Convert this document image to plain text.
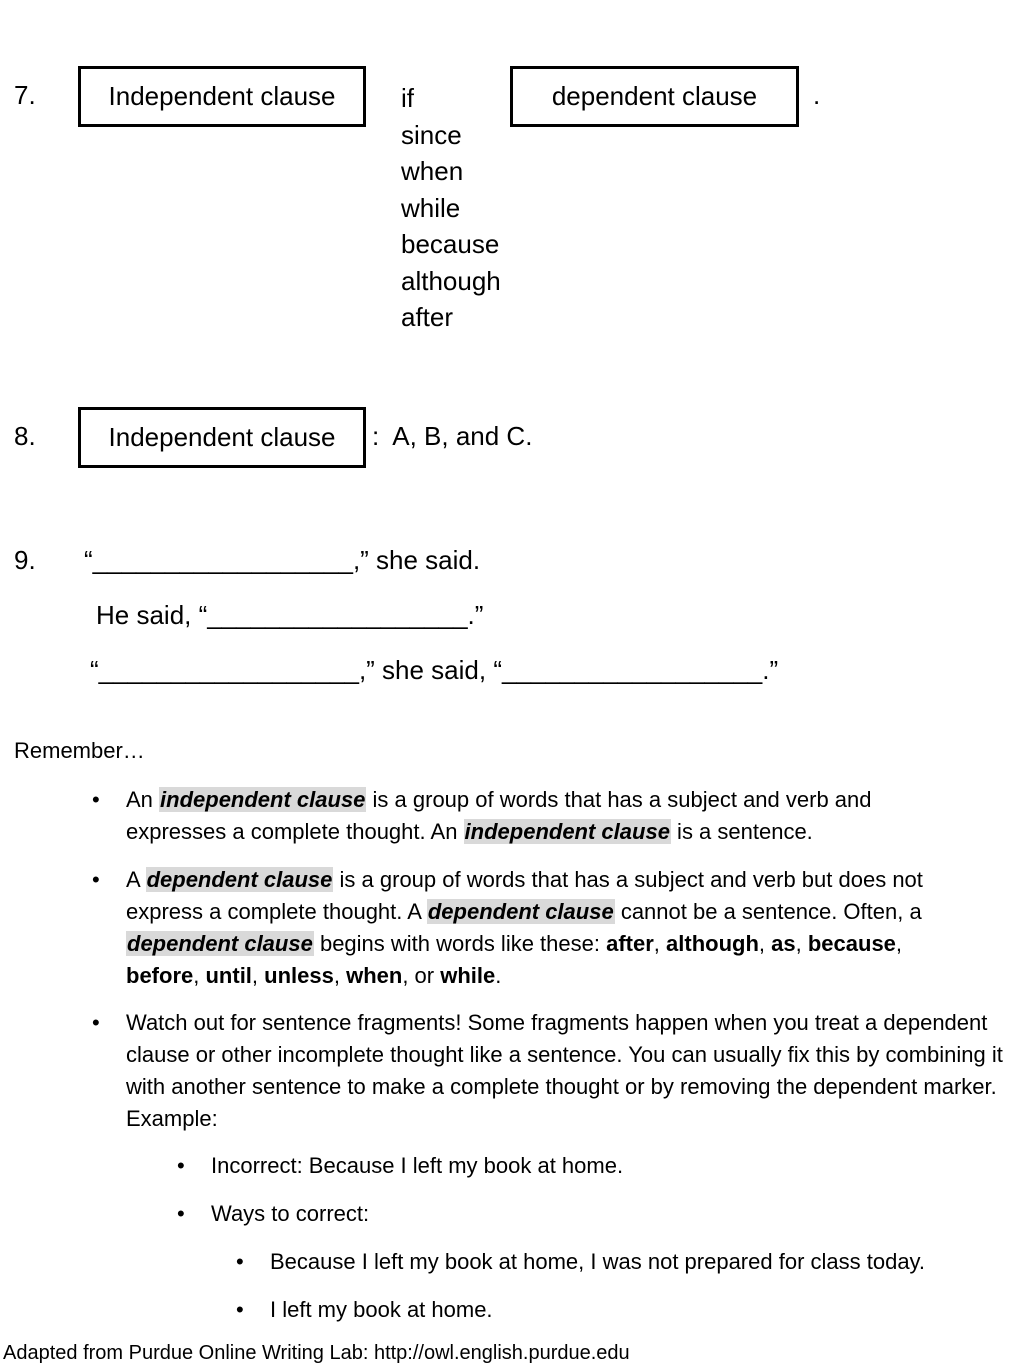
7.	Independent clause	if
since
when
while
because
although
after
dependent clause .
8.	Independent clause :  A, B, and C.
9. “__________________,” she said.
He said, “__________________.”
“__________________,” she said, “__________________.”
Remember…
• An independent clause is a group of words that has a subject and verb and expresses a complete thought. An independent clause is a sentence.
• A dependent clause is a group of words that has a subject and verb but does not express a complete thought. A dependent clause cannot be a sentence. Often, a
dependent clause begins with words like these: after, although, as, because,
before, until, unless, when, or while.
• Watch out for sentence fragments! Some fragments happen when you treat a dependent clause or other incomplete thought like a sentence. You can usually fix this by combining it with another sentence to make a complete thought or by removing the dependent marker. Example:
• Incorrect: Because I left my book at home.
• Ways to correct:
• Because I left my book at home, I was not prepared for class today.
• I left my book at home.
Adapted from Purdue Online Writing Lab: http://owl.english.purdue.edu
